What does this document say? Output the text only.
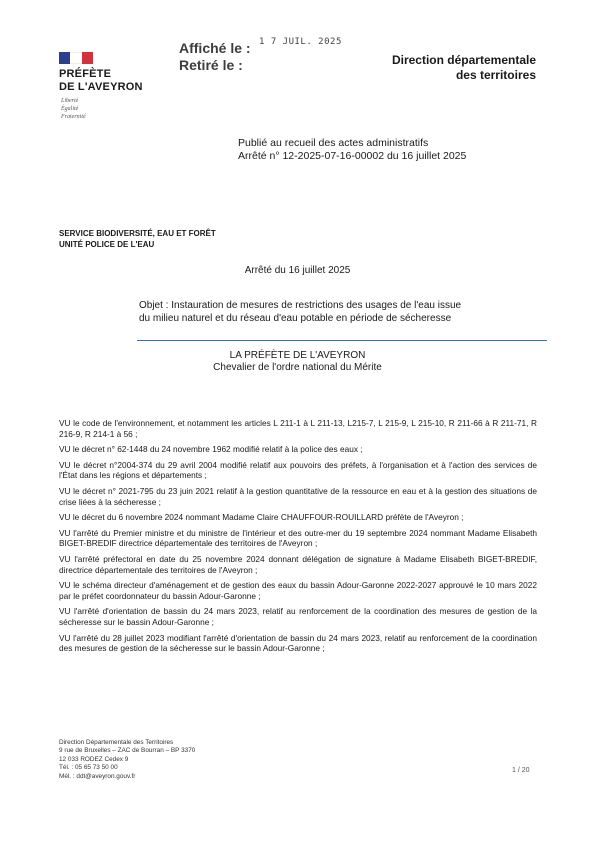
PRÉFÈTE
DE L'AVEYRON
Liberté
Égalité
Fraternité
Affiché le :
Retiré le :
1 7 JUIL. 2025
Direction départementale
des territoires
Publié au recueil des actes administratifs
Arrêté n° 12-2025-07-16-00002 du 16 juillet 2025
SERVICE BIODIVERSITÉ, EAU ET FORÊT
UNITÉ POLICE DE L'EAU
Arrêté du 16 juillet 2025
Objet : Instauration de mesures de restrictions des usages de l'eau issue
du milieu naturel et du réseau d'eau potable en période de sécheresse
LA PRÉFÈTE DE L'AVEYRON
Chevalier de l'ordre national du Mérite
VU le code de l'environnement, et notamment les articles L 211-1 à L 211-13, L215-7, L 215-9, L 215-10, R 211-66 à R 211-71, R 216-9, R 214-1 à 56 ;
VU le décret n° 62-1448 du 24 novembre 1962 modifié relatif à la police des eaux ;
VU le décret n°2004-374 du 29 avril 2004 modifié relatif aux pouvoirs des préfets, à l'organisation et à l'action des services de l'État dans les régions et départements ;
VU le décret n° 2021-795 du 23 juin 2021 relatif à la gestion quantitative de la ressource en eau et à la gestion des situations de crise liées à la sécheresse ;
VU le décret du 6 novembre 2024 nommant Madame Claire CHAUFFOUR-ROUILLARD préfète de l'Aveyron ;
VU l'arrêté du Premier ministre et du ministre de l'intérieur et des outre-mer du 19 septembre 2024 nommant Madame Elisabeth BIGET-BREDIF directrice départementale des territoires de l'Aveyron ;
VU l'arrêté préfectoral en date du 25 novembre 2024 donnant délégation de signature à Madame Elisabeth BIGET-BREDIF, directrice départementale des territoires de l'Aveyron ;
VU le schéma directeur d'aménagement et de gestion des eaux du bassin Adour-Garonne 2022-2027 approuvé le 10 mars 2022 par le préfet coordonnateur du bassin Adour-Garonne ;
VU l'arrêté d'orientation de bassin du 24 mars 2023, relatif au renforcement de la coordination des mesures de gestion de la sécheresse sur le bassin Adour-Garonne ;
VU l'arrêté du 28 juillet 2023 modifiant l'arrêté d'orientation de bassin du 24 mars 2023, relatif au renforcement de la coordination des mesures de gestion de la sécheresse sur le bassin Adour-Garonne ;
Direction Départementale des Territoires
9 rue de Bruxelles – ZAC de Bourran – BP 3370
12 033 RODEZ Cedex 9
Tél. : 05 65 73 50 00
Mél. : ddt@aveyron.gouv.fr
1 / 20
